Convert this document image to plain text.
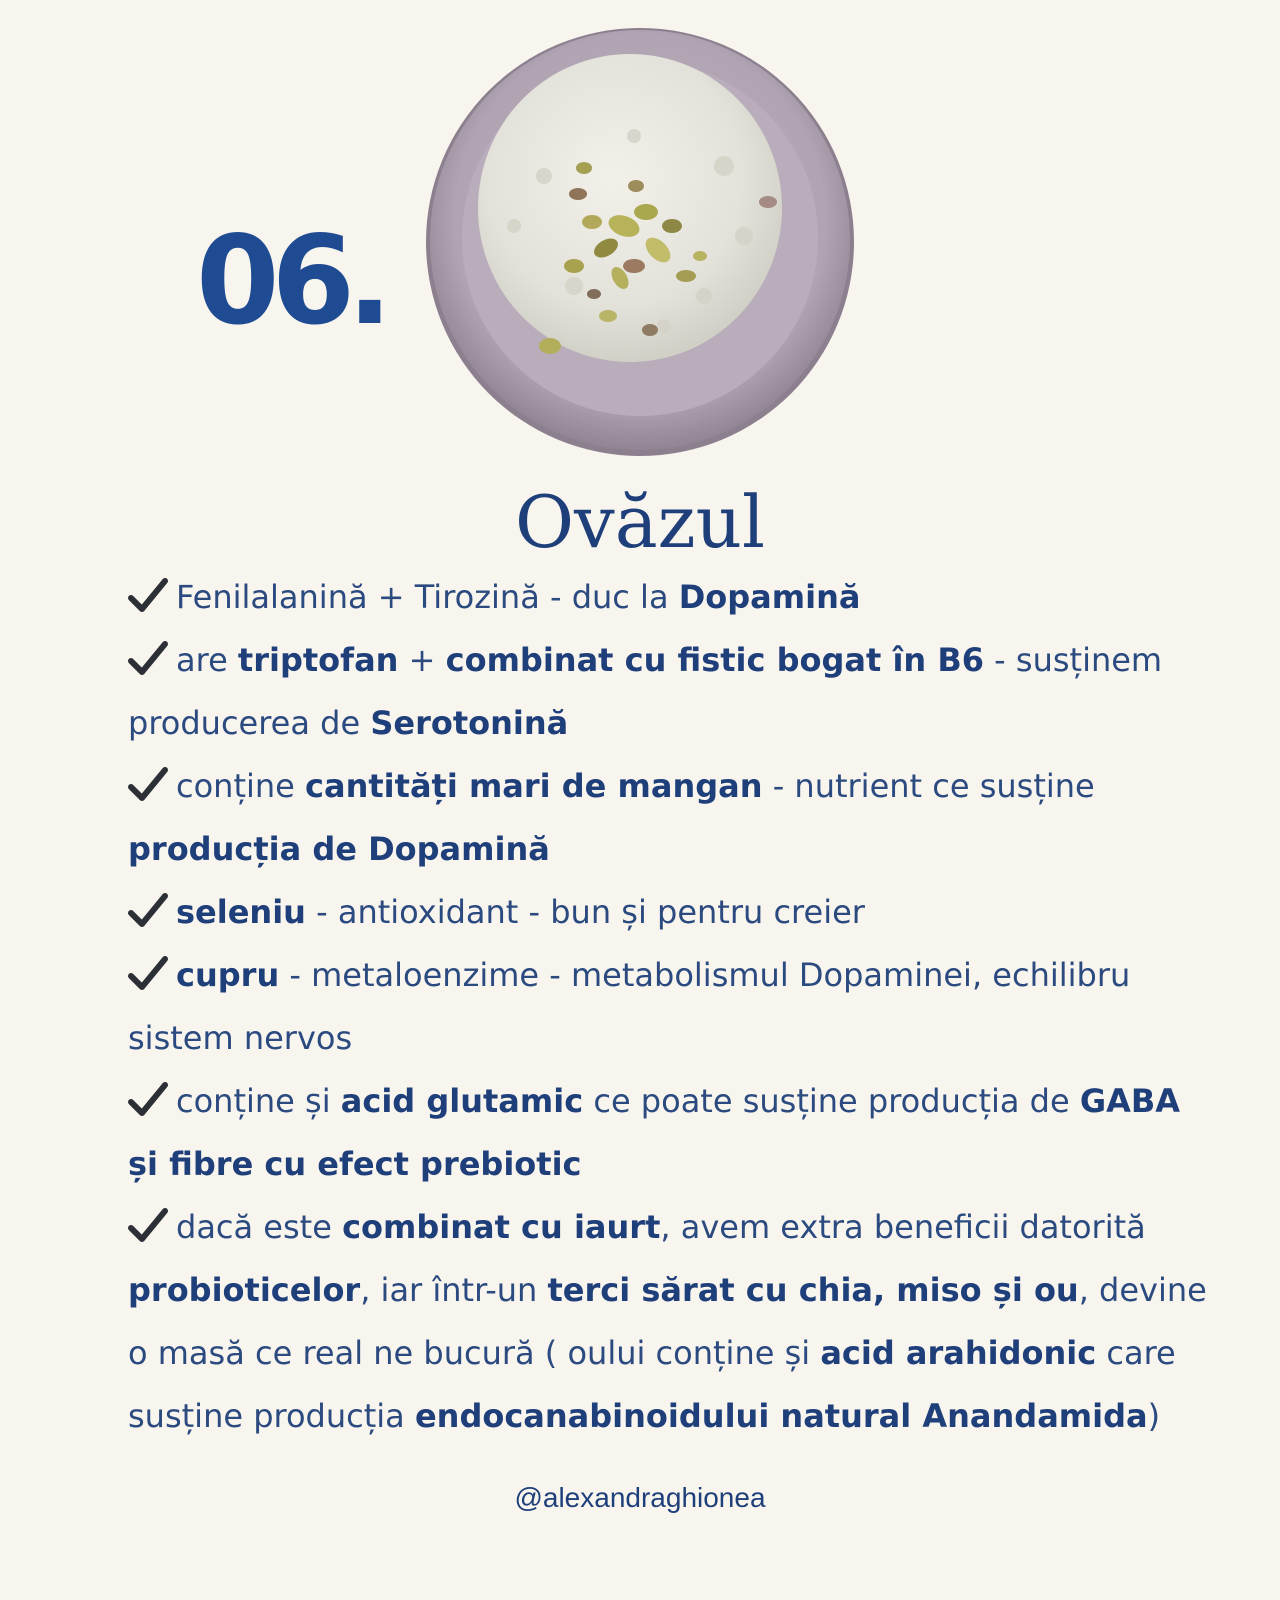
06.
Ovăzul

Fenilalanină + Tirozină - duc la Dopamină

are triptofan + combinat cu fistic bogat în B6 - susținem producerea de Serotonină

conține cantități mari de mangan - nutrient ce susține producția de Dopamină

seleniu - antioxidant - bun și pentru creier

cupru - metaloenzime - metabolismul Dopaminei, echilibru sistem nervos

conține și acid glutamic ce poate susține producția de GABA și fibre cu efect prebiotic

dacă este combinat cu iaurt, avem extra beneficii datorită probioticelor, iar într-un terci sărat cu chia, miso și ou, devine o masă ce real ne bucură ( oului conține și acid arahidonic care susține producția endocanabinoidului natural Anandamida)

@alexandraghionea
